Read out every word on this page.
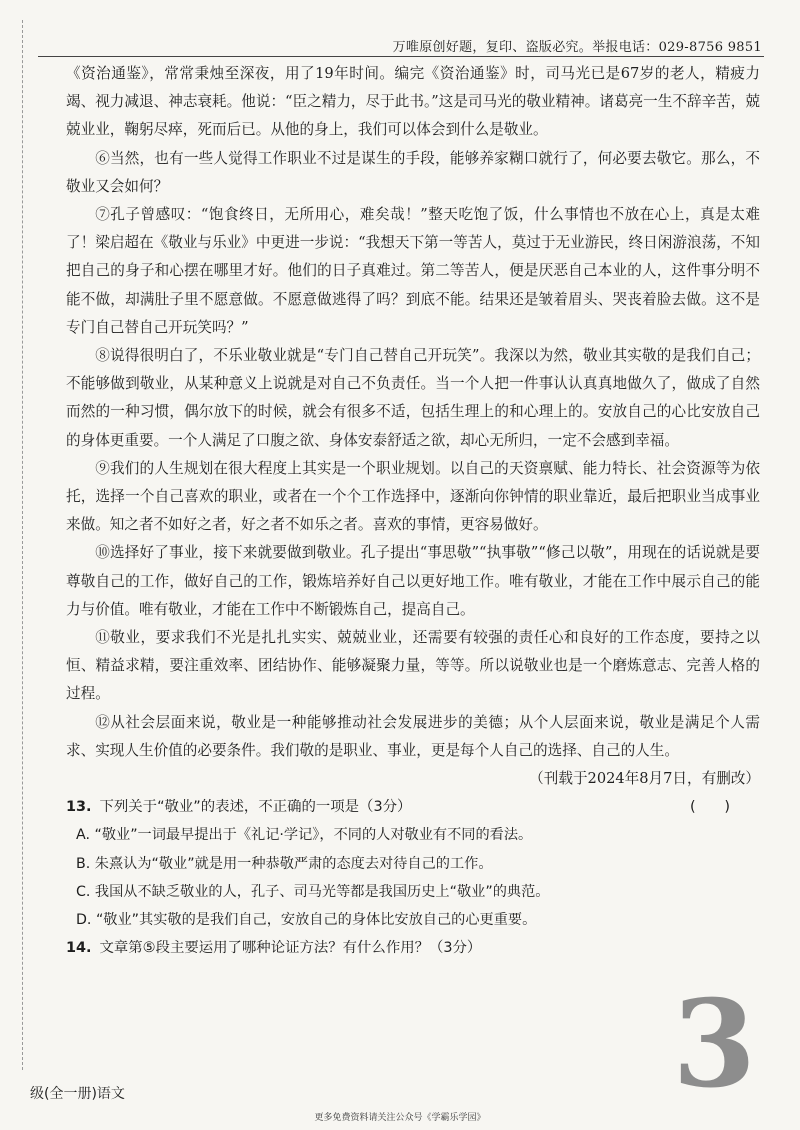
万唯原创好题，复印、盗版必究。举报电话：029-8756 9851

《资治通鉴》，常常秉烛至深夜，用了19年时间。编完《资治通鉴》时，司马光已是67岁的老人，精疲力竭、视力减退、神志衰耗。他说：“臣之精力，尽于此书。”这是司马光的敬业精神。诸葛亮一生不辞辛苦，兢兢业业，鞠躬尽瘁，死而后已。从他的身上，我们可以体会到什么是敬业。

⑥当然，也有一些人觉得工作职业不过是谋生的手段，能够养家糊口就行了，何必要去敬它。那么，不敬业又会如何？

⑦孔子曾感叹：“饱食终日，无所用心，难矣哉！”整天吃饱了饭，什么事情也不放在心上，真是太难了！梁启超在《敬业与乐业》中更进一步说：“我想天下第一等苦人，莫过于无业游民，终日闲游浪荡，不知把自己的身子和心摆在哪里才好。他们的日子真难过。第二等苦人，便是厌恶自己本业的人，这件事分明不能不做，却满肚子里不愿意做。不愿意做逃得了吗？到底不能。结果还是皱着眉头、哭丧着脸去做。这不是专门自己替自己开玩笑吗？”

⑧说得很明白了，不乐业敬业就是“专门自己替自己开玩笑”。我深以为然，敬业其实敬的是我们自己；不能够做到敬业，从某种意义上说就是对自己不负责任。当一个人把一件事认认真真地做久了，做成了自然而然的一种习惯，偶尔放下的时候，就会有很多不适，包括生理上的和心理上的。安放自己的心比安放自己的身体更重要。一个人满足了口腹之欲、身体安泰舒适之欲，却心无所归，一定不会感到幸福。

⑨我们的人生规划在很大程度上其实是一个职业规划。以自己的天资禀赋、能力特长、社会资源等为依托，选择一个自己喜欢的职业，或者在一个个工作选择中，逐渐向你钟情的职业靠近，最后把职业当成事业来做。知之者不如好之者，好之者不如乐之者。喜欢的事情，更容易做好。

⑩选择好了事业，接下来就要做到敬业。孔子提出“事思敬”“执事敬”“修己以敬”，用现在的话说就是要尊敬自己的工作，做好自己的工作，锻炼培养好自己以更好地工作。唯有敬业，才能在工作中展示自己的能力与价值。唯有敬业，才能在工作中不断锻炼自己，提高自己。

⑪敬业，要求我们不光是扎扎实实、兢兢业业，还需要有较强的责任心和良好的工作态度，要持之以恒、精益求精，要注重效率、团结协作、能够凝聚力量，等等。所以说敬业也是一个磨炼意志、完善人格的过程。

⑫从社会层面来说，敬业是一种能够推动社会发展进步的美德；从个人层面来说，敬业是满足个人需求、实现人生价值的必要条件。我们敬的是职业、事业，更是每个人自己的选择、自己的人生。

（刊载于2024年8月7日，有删改）

13. 下列关于“敬业”的表述，不正确的一项是（3分）	(　　)

A. “敬业”一词最早提出于《礼记·学记》，不同的人对敬业有不同的看法。
B. 朱熹认为“敬业”就是用一种恭敬严肃的态度去对待自己的工作。
C. 我国从不缺乏敬业的人，孔子、司马光等都是我国历史上“敬业”的典范。
D. “敬业”其实敬的是我们自己，安放自己的身体比安放自己的心更重要。

14. 文章第⑤段主要运用了哪种论证方法？有什么作用？（3分）

3
级(全一册)语文
更多免费资料请关注公众号《学霸乐学园》
